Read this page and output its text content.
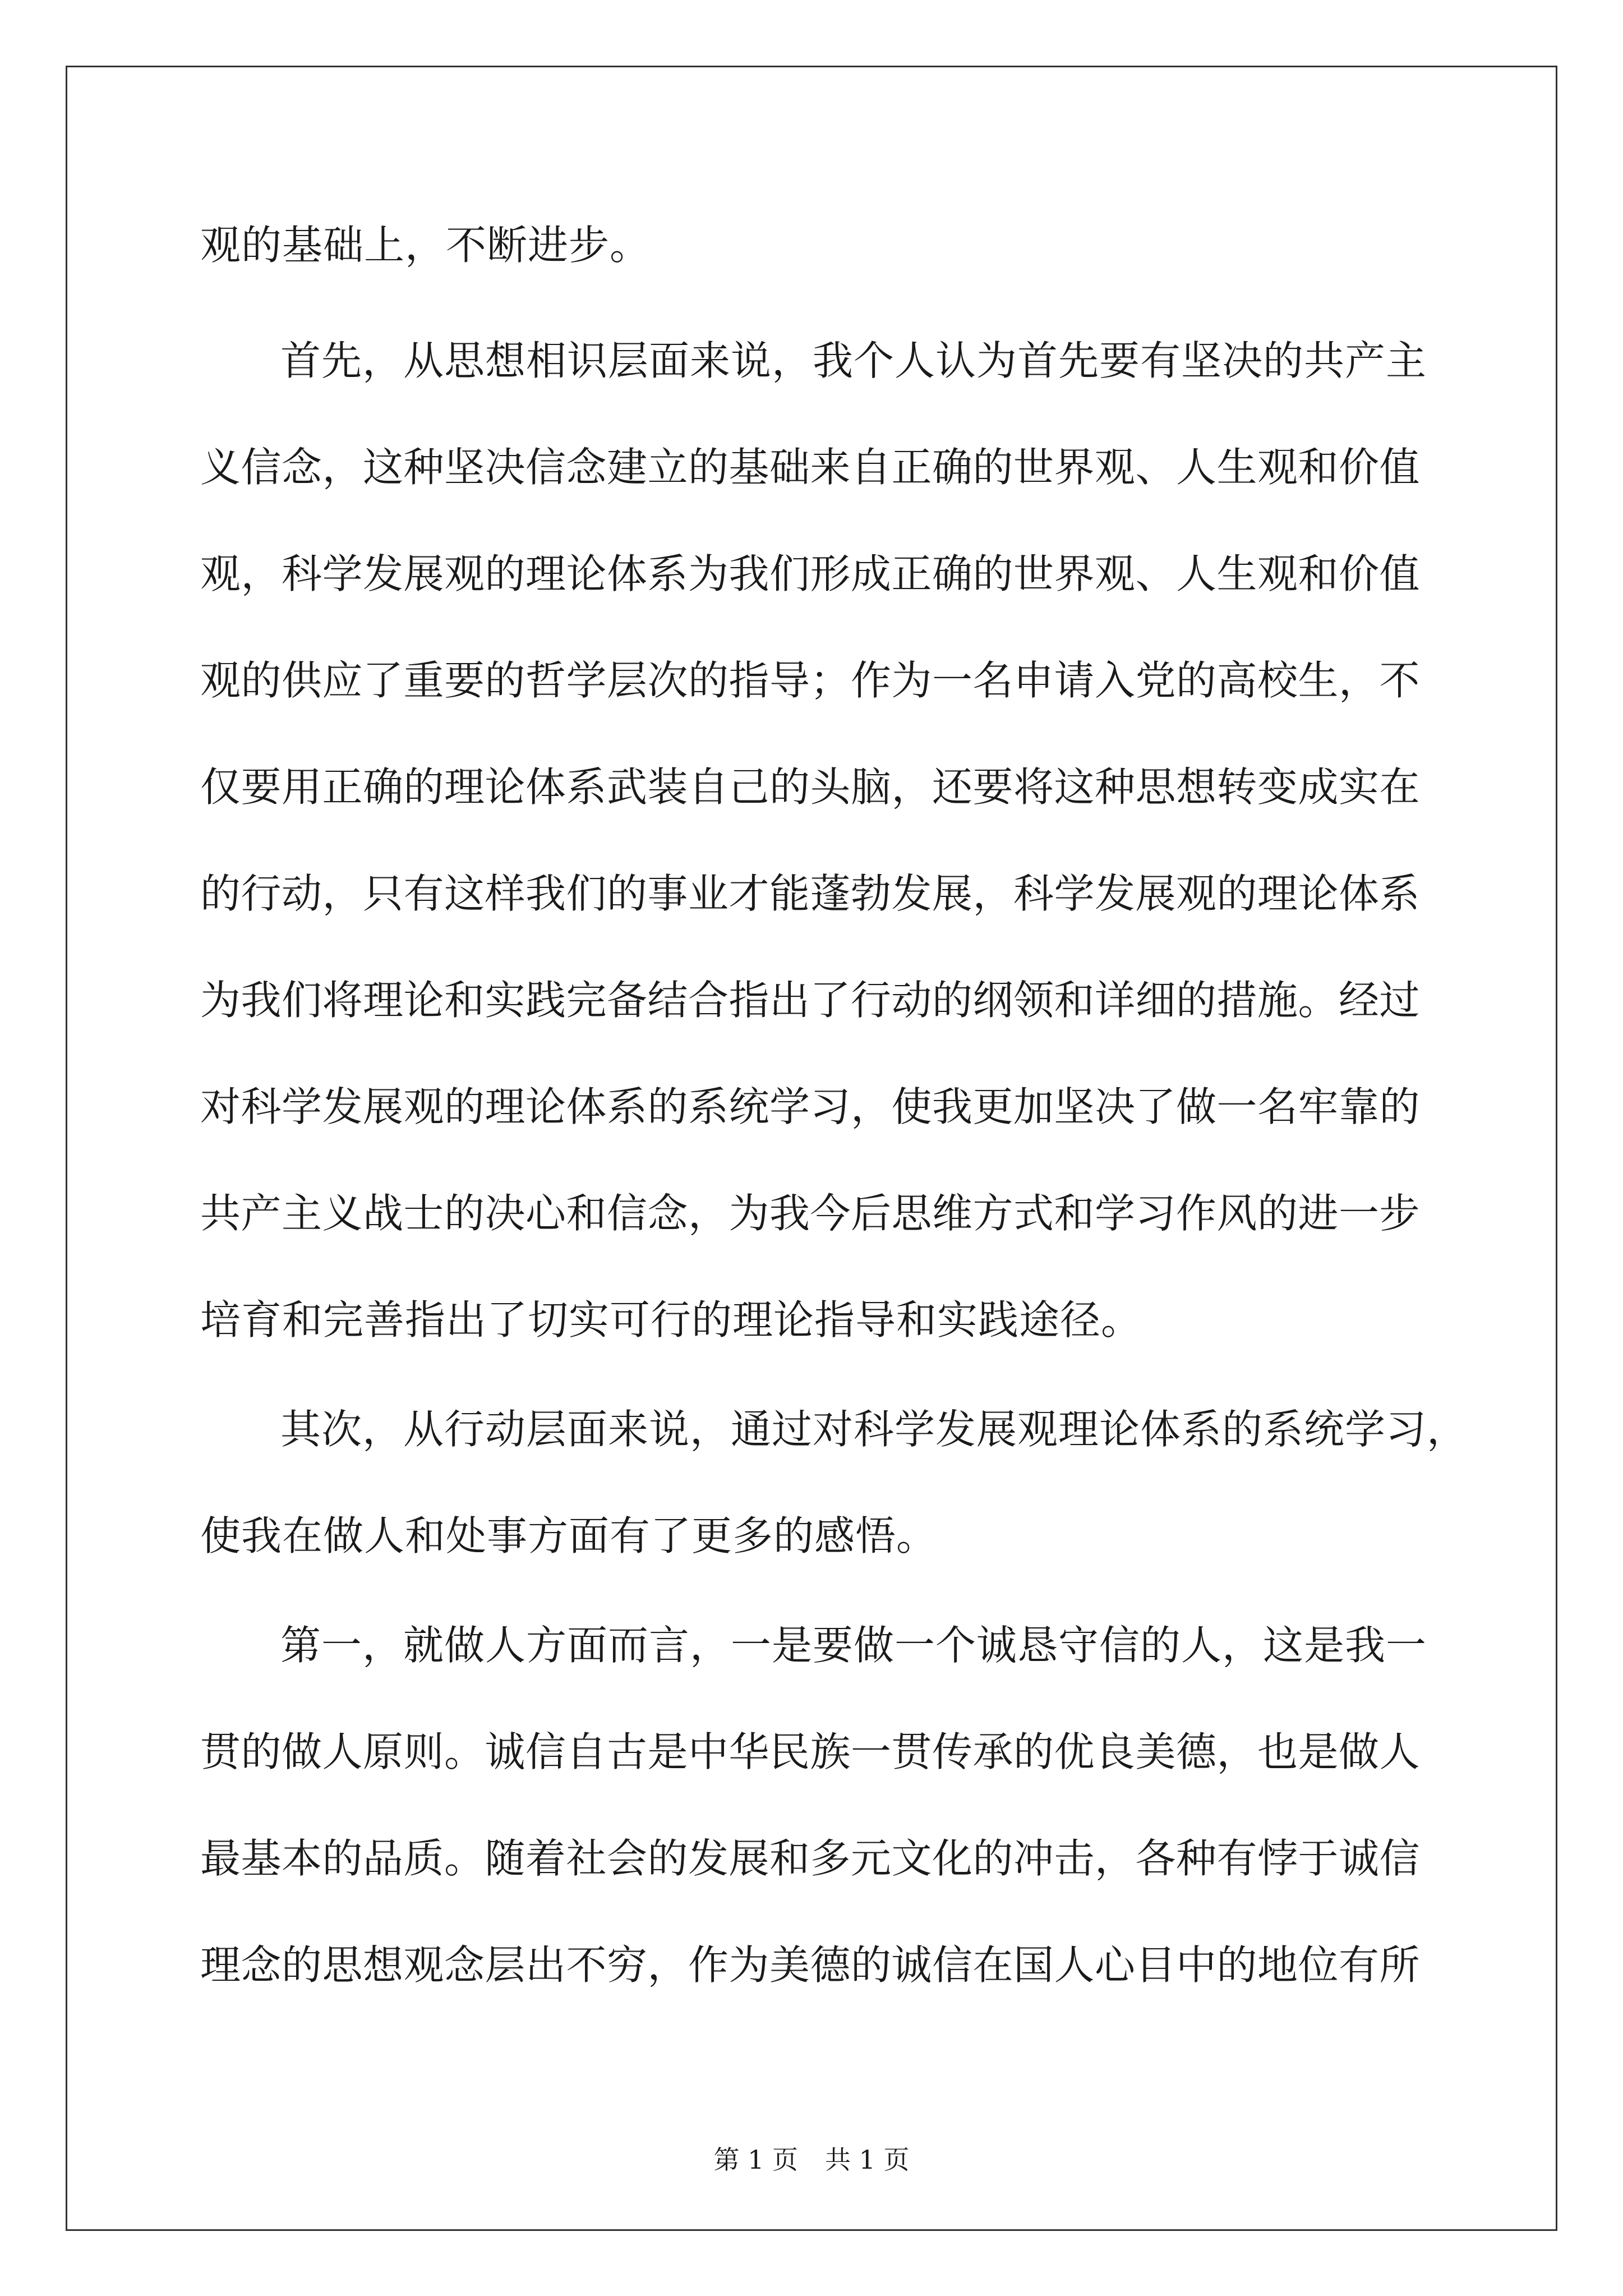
观的基础上，不断进步。
首先，从思想相识层面来说，我个人认为首先要有坚决的共产主
义信念，这种坚决信念建立的基础来自正确的世界观、人生观和价值
观，科学发展观的理论体系为我们形成正确的世界观、人生观和价值
观的供应了重要的哲学层次的指导；作为一名申请入党的高校生，不
仅要用正确的理论体系武装自己的头脑，还要将这种思想转变成实在
的行动，只有这样我们的事业才能蓬勃发展，科学发展观的理论体系
为我们将理论和实践完备结合指出了行动的纲领和详细的措施。经过
对科学发展观的理论体系的系统学习，使我更加坚决了做一名牢靠的
共产主义战士的决心和信念，为我今后思维方式和学习作风的进一步
培育和完善指出了切实可行的理论指导和实践途径。
其次，从行动层面来说，通过对科学发展观理论体系的系统学习，
使我在做人和处事方面有了更多的感悟。
第一，就做人方面而言，一是要做一个诚恳守信的人，这是我一
贯的做人原则。诚信自古是中华民族一贯传承的优良美德，也是做人
最基本的品质。随着社会的发展和多元文化的冲击，各种有悖于诚信
理念的思想观念层出不穷，作为美德的诚信在国人心目中的地位有所
第 1 页 共 1 页
